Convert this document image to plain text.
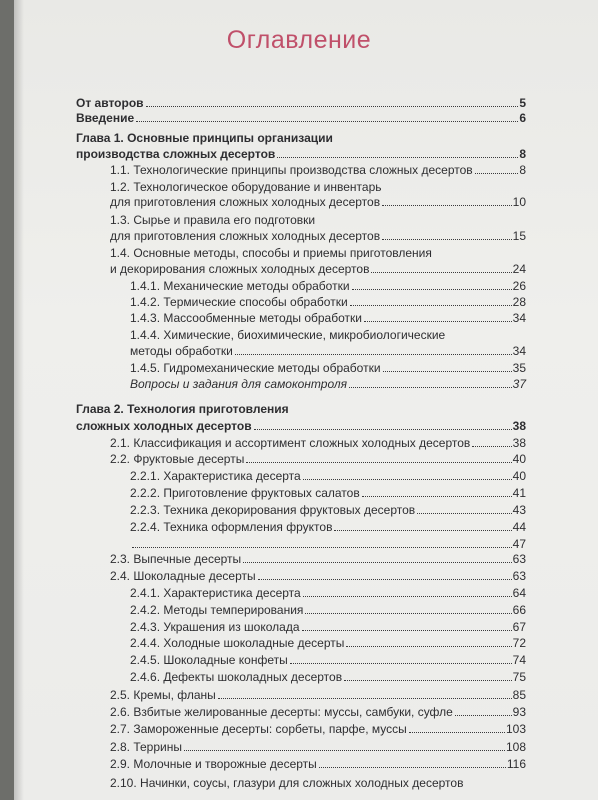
Оглавление
От авторов	5
Введение	6
Глава 1. Основные принципы организации
производства сложных десертов	8
1.1. Технологические принципы производства сложных десертов	8
1.2. Технологическое оборудование и инвентарь
для приготовления сложных холодных десертов	10
1.3. Сырье и правила его подготовки
для приготовления сложных холодных десертов	15
1.4. Основные методы, способы и приемы приготовления
и декорирования сложных холодных десертов	24
1.4.1. Механические методы обработки	26
1.4.2. Термические способы обработки	28
1.4.3. Массообменные методы обработки	34
1.4.4. Химические, биохимические, микробиологические
методы обработки	34
1.4.5. Гидромеханические методы обработки	35
Вопросы и задания для самоконтроля	37
Глава 2. Технология приготовления
сложных холодных десертов	38
2.1. Классификация и ассортимент сложных холодных десертов	38
2.2. Фруктовые десерты	40
2.2.1. Характеристика десерта	40
2.2.2. Приготовление фруктовых салатов	41
2.2.3. Техника декорирования фруктовых десертов	43
2.2.4. Техника оформления фруктов	44
47
2.3. Выпечные десерты	63
2.4. Шоколадные десерты	63
2.4.1. Характеристика десерта	64
2.4.2. Методы темперирования	66
2.4.3. Украшения из шоколада	67
2.4.4. Холодные шоколадные десерты	72
2.4.5. Шоколадные конфеты	74
2.4.6. Дефекты шоколадных десертов	75
2.5. Кремы, фланы	85
2.6. Взбитые желированные десерты: муссы, самбуки, суфле	93
2.7. Замороженные десерты: сорбеты, парфе, муссы	103
2.8. Террины	108
2.9. Молочные и творожные десерты	116
2.10. Начинки, соусы, глазури для сложных холодных десертов
